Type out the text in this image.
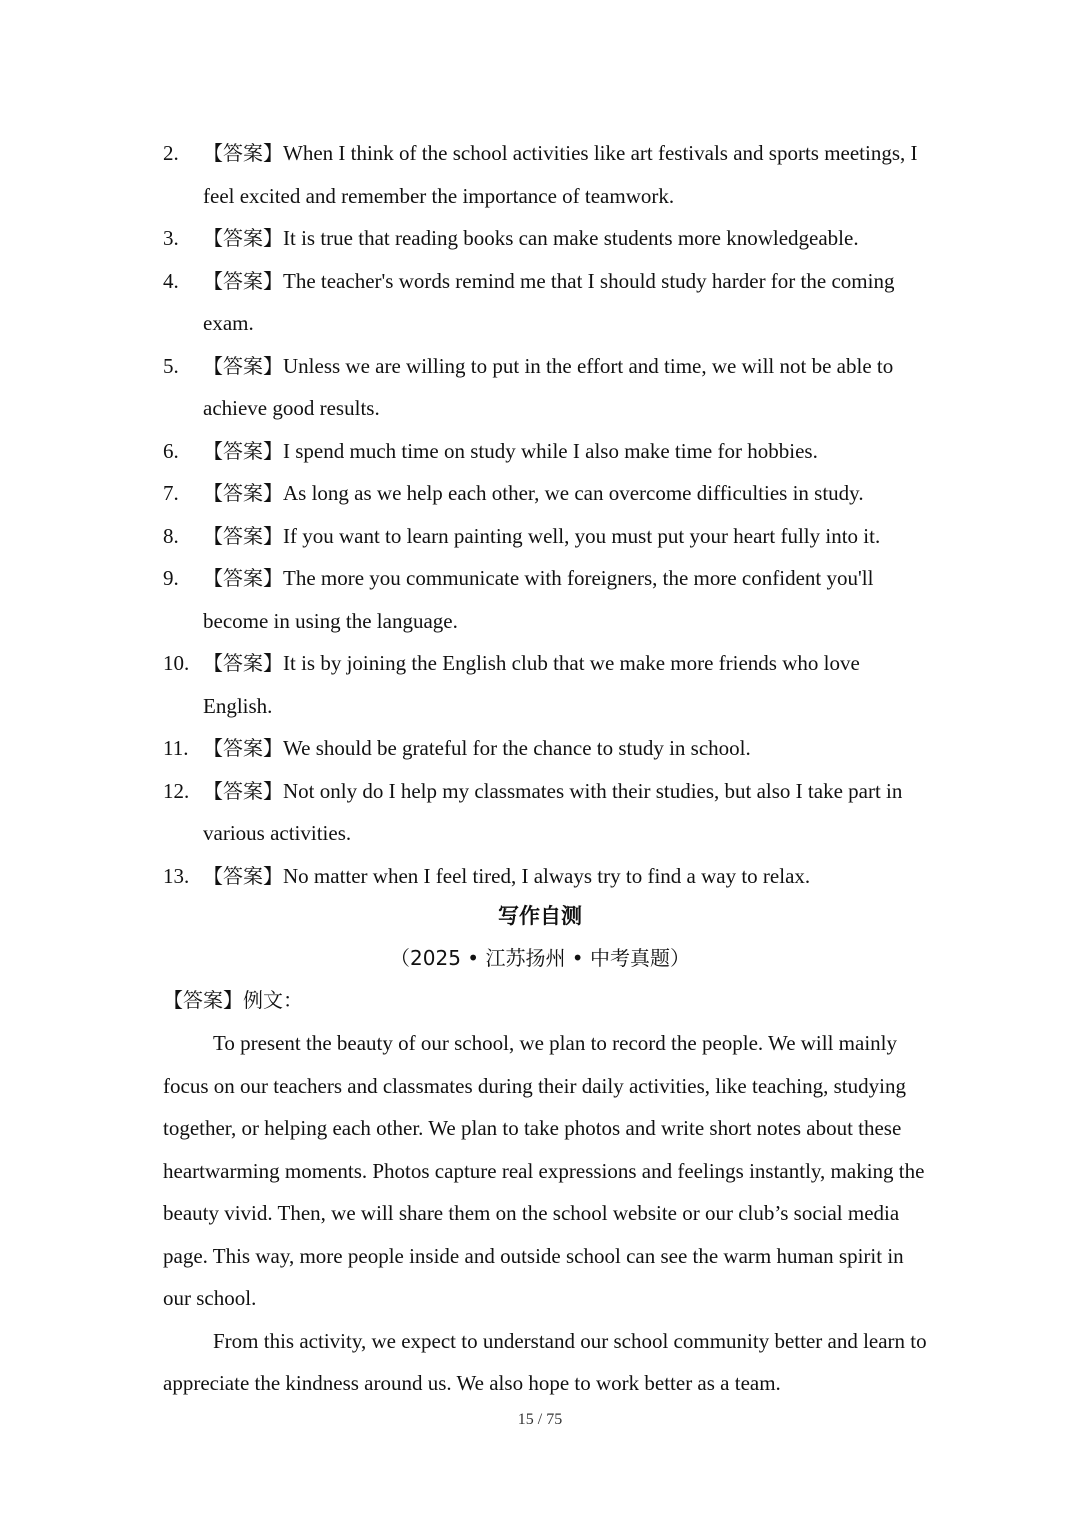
2.	【答案】When I think of the school activities like art festivals and sports meetings, I feel excited and remember the importance of teamwork.
3.	【答案】It is true that reading books can make students more knowledgeable.
4.	【答案】The teacher's words remind me that I should study harder for the coming exam.
5.	【答案】Unless we are willing to put in the effort and time, we will not be able to achieve good results.
6.	【答案】I spend much time on study while I also make time for hobbies.
7.	【答案】As long as we help each other, we can overcome difficulties in study.
8.	【答案】If you want to learn painting well, you must put your heart fully into it.
9.	【答案】The more you communicate with foreigners, the more confident you'll become in using the language.
10. 【答案】It is by joining the English club that we make more friends who love English.
11. 【答案】We should be grateful for the chance to study in school.
12. 【答案】Not only do I help my classmates with their studies, but also I take part in various activities.
13. 【答案】No matter when I feel tired, I always try to find a way to relax.
写作自测
（2025 • 江苏扬州 • 中考真题）
【答案】例文：

To present the beauty of our school, we plan to record the people. We will mainly focus on our teachers and classmates during their daily activities, like teaching, studying together, or helping each other. We plan to take photos and write short notes about these heartwarming moments. Photos capture real expressions and feelings instantly, making the beauty vivid. Then, we will share them on the school website or our club’s social media page. This way, more people inside and outside school can see the warm human spirit in our school.

From this activity, we expect to understand our school community better and learn to appreciate the kindness around us. We also hope to work better as a team.

15 / 75
